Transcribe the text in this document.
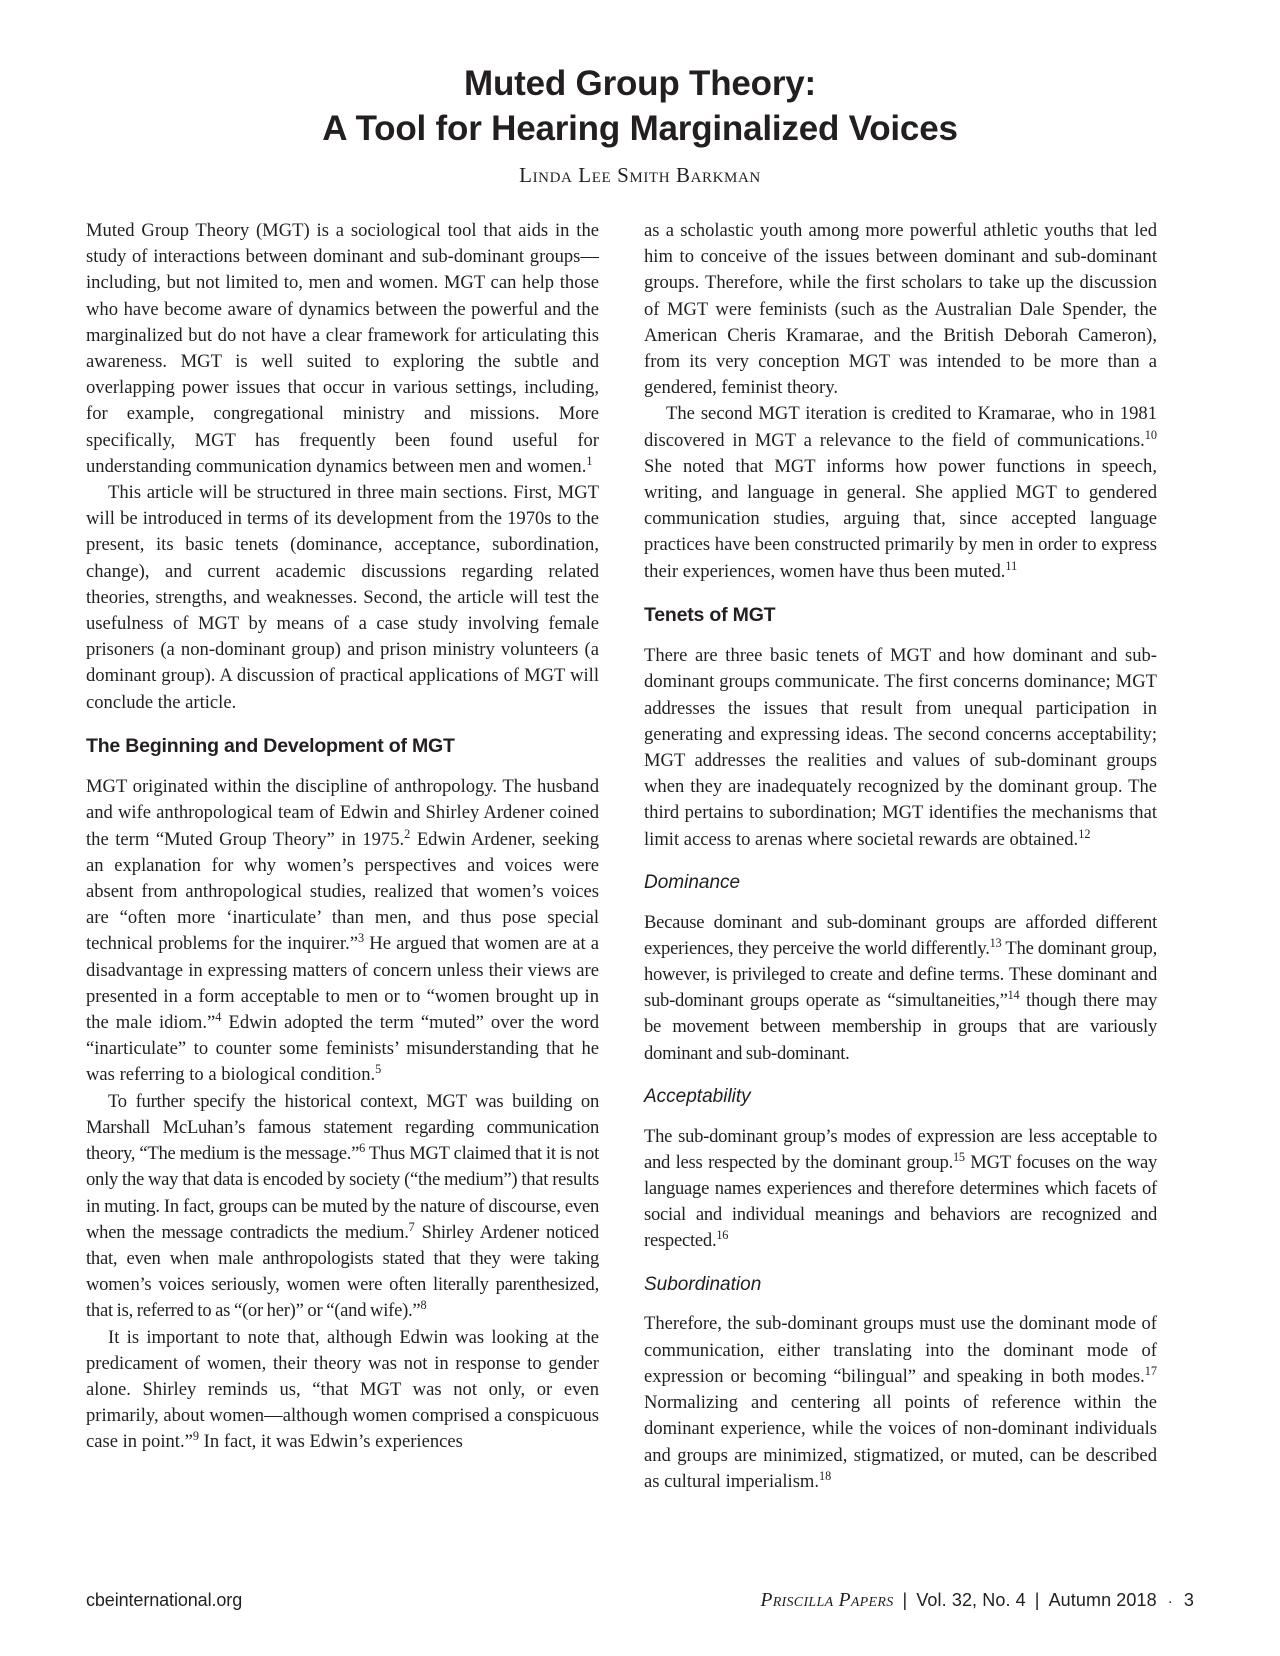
Muted Group Theory:
A Tool for Hearing Marginalized Voices
Linda Lee Smith Barkman

Muted Group Theory (MGT) is a sociological tool that aids in the study of interactions between dominant and sub-dominant groups—including, but not limited to, men and women. MGT can help those who have become aware of dynamics between the powerful and the marginalized but do not have a clear framework for articulating this awareness. MGT is well suited to exploring the subtle and overlapping power issues that occur in various settings, including, for example, congregational ministry and missions. More specifically, MGT has frequently been found useful for understanding communication dynamics between men and women.$^1$

This article will be structured in three main sections. First, MGT will be introduced in terms of its development from the 1970s to the present, its basic tenets (dominance, acceptance, subordination, change), and current academic discussions regarding related theories, strengths, and weaknesses. Second, the article will test the usefulness of MGT by means of a case study involving female prisoners (a non-dominant group) and prison ministry volunteers (a dominant group). A discussion of practical applications of MGT will conclude the article.

The Beginning and Development of MGT

MGT originated within the discipline of anthropology. The husband and wife anthropological team of Edwin and Shirley Ardener coined the term “Muted Group Theory” in 1975.$^2$ Edwin Ardener, seeking an explanation for why women’s perspectives and voices were absent from anthropological studies, realized that women’s voices are “often more ‘inarticulate’ than men, and thus pose special technical problems for the inquirer.”$^3$ He argued that women are at a disadvantage in expressing matters of concern unless their views are presented in a form acceptable to men or to “women brought up in the male idiom.”$^4$ Edwin adopted the term “muted” over the word “inarticulate” to counter some feminists’ misunderstanding that he was referring to a biological condition.$^5$

To further specify the historical context, MGT was building on Marshall McLuhan’s famous statement regarding communication theory, “The medium is the message.”$^6$ Thus MGT claimed that it is not only the way that data is encoded by society (“the medium”) that results in muting. In fact, groups can be muted by the nature of discourse, even when the message contradicts the medium.$^7$ Shirley Ardener noticed that, even when male anthropologists stated that they were taking women’s voices seriously, women were often literally parenthesized, that is, referred to as “(or her)” or “(and wife).”$^8$

It is important to note that, although Edwin was looking at the predicament of women, their theory was not in response to gender alone. Shirley reminds us, “that MGT was not only, or even primarily, about women—although women comprised a conspicuous case in point.”$^9$ In fact, it was Edwin’s experiences

as a scholastic youth among more powerful athletic youths that led him to conceive of the issues between dominant and sub-dominant groups. Therefore, while the first scholars to take up the discussion of MGT were feminists (such as the Australian Dale Spender, the American Cheris Kramarae, and the British Deborah Cameron), from its very conception MGT was intended to be more than a gendered, feminist theory.

The second MGT iteration is credited to Kramarae, who in 1981 discovered in MGT a relevance to the field of communications.$^{10}$ She noted that MGT informs how power functions in speech, writing, and language in general. She applied MGT to gendered communication studies, arguing that, since accepted language practices have been constructed primarily by men in order to express their experiences, women have thus been muted.$^{11}$

Tenets of MGT

There are three basic tenets of MGT and how dominant and sub-dominant groups communicate. The first concerns dominance; MGT addresses the issues that result from unequal participation in generating and expressing ideas. The second concerns acceptability; MGT addresses the realities and values of sub-dominant groups when they are inadequately recognized by the dominant group. The third pertains to subordination; MGT identifies the mechanisms that limit access to arenas where societal rewards are obtained.$^{12}$

Dominance

Because dominant and sub-dominant groups are afforded different experiences, they perceive the world differently.$^{13}$ The dominant group, however, is privileged to create and define terms. These dominant and sub-dominant groups operate as “simultaneities,”$^{14}$ though there may be movement between membership in groups that are variously dominant and sub-dominant.

Acceptability

The sub-dominant group’s modes of expression are less acceptable to and less respected by the dominant group.$^{15}$ MGT focuses on the way language names experiences and therefore determines which facets of social and individual meanings and behaviors are recognized and respected.$^{16}$

Subordination

Therefore, the sub-dominant groups must use the dominant mode of communication, either translating into the dominant mode of expression or becoming “bilingual” and speaking in both modes.$^{17}$ Normalizing and centering all points of reference within the dominant experience, while the voices of non-dominant individuals and groups are minimized, stigmatized, or muted, can be described as cultural imperialism.$^{18}$

cbeinternational.org	Priscilla Papers | Vol. 32, No. 4 | Autumn 2018 · 3
